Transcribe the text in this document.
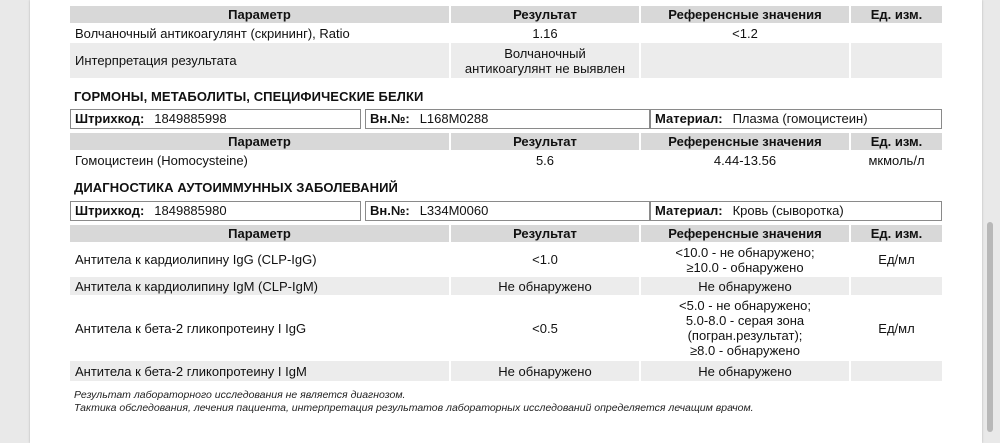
Параметр	Результат	Референсные значения	Ед. изм.
Волчаночный антикоагулянт (скрининг), Ratio	1.16	<1.2	
Интерпретация результата	Волчаночный
антикоагулянт не выявлен		

ГОРМОНЫ, МЕТАБОЛИТЫ, СПЕЦИФИЧЕСКИЕ БЕЛКИ
Штрихкод: 1849885998	Вн.№: L168M0288	Материал: Плазма (гомоцистеин)
Параметр	Результат	Референсные значения	Ед. изм.
Гомоцистеин (Homocysteine)	5.6	4.44-13.56	мкмоль/л
ДИАГНОСТИКА АУТОИММУННЫХ ЗАБОЛЕВАНИЙ
Штрихкод: 1849885980	Вн.№: L334M0060	Материал: Кровь (сыворотка)
Параметр	Результат	Референсные значения	Ед. изм.
Антитела к кардиолипину IgG (CLP-IgG)	<1.0	<10.0 - не обнаружено;
≥10.0 - обнаружено	Ед/мл
Антитела к кардиолипину IgM (CLP-IgM)	Не обнаружено	Не обнаружено	
Антитела к бета-2 гликопротеину I IgG	<0.5	<5.0 - не обнаружено;
5.0-8.0 - серая зона
(погран.результат);
≥8.0 - обнаружено	Ед/мл
Антитела к бета-2 гликопротеину I IgM	Не обнаружено	Не обнаружено	
Результат лабораторного исследования не является диагнозом.
Тактика обследования, лечения пациента, интерпретация результатов лабораторных исследований определяется лечащим врачом.
